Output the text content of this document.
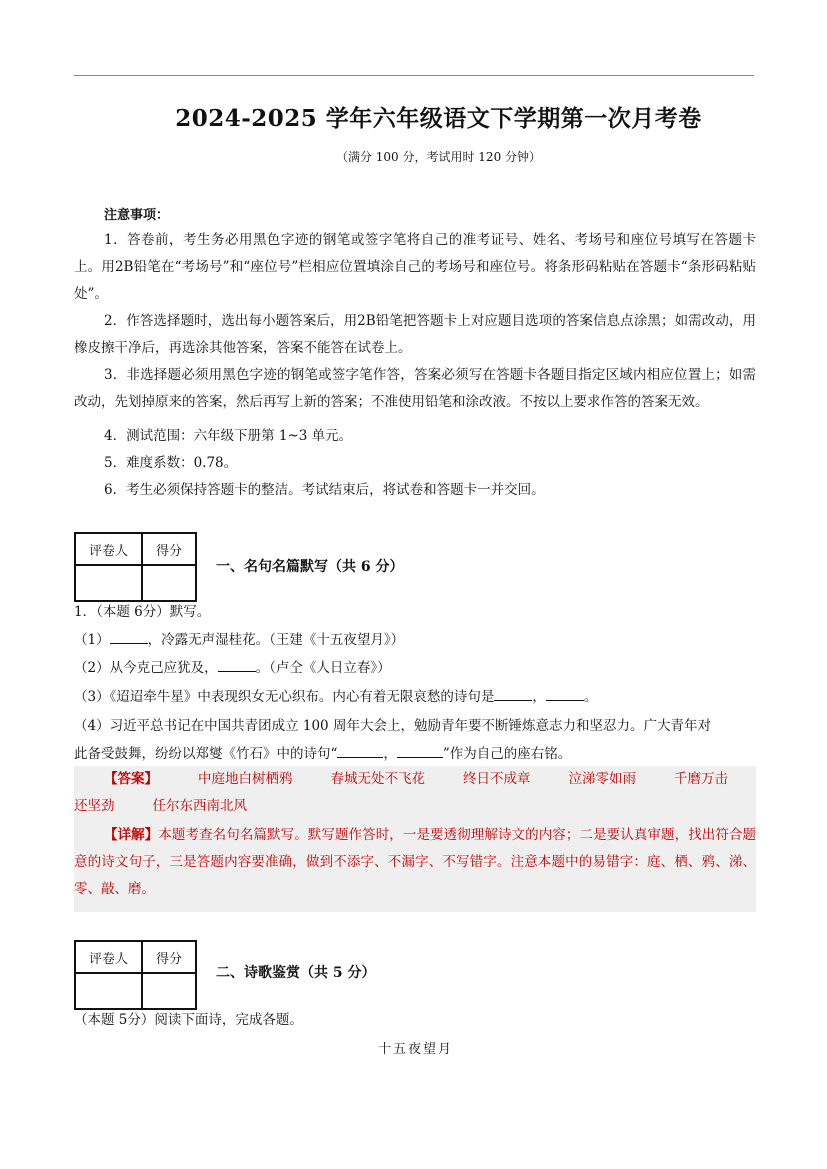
2024-2025 学年六年级语文下学期第一次月考卷
（满分 100 分，考试用时 120 分钟）
注意事项：

1．答卷前，考生务必用黑色字迹的钢笔或签字笔将自己的准考证号、姓名、考场号和座位号填写在答题卡上。用2B铅笔在“考场号”和“座位号”栏相应位置填涂自己的考场号和座位号。将条形码粘贴在答题卡“条形码粘贴处”。

2．作答选择题时，选出每小题答案后，用2B铅笔把答题卡上对应题目选项的答案信息点涂黑；如需改动，用橡皮擦干净后，再选涂其他答案，答案不能答在试卷上。

3．非选择题必须用黑色字迹的钢笔或签字笔作答，答案必须写在答题卡各题目指定区域内相应位置上；如需改动，先划掉原来的答案，然后再写上新的答案；不准使用铅笔和涂改液。不按以上要求作答的答案无效。

4．测试范围：六年级下册第 1~3 单元。
5．难度系数：0.78。
6．考生必须保持答题卡的整洁。考试结束后，将试卷和答题卡一并交回。
评卷人	得分

一、名句名篇默写（共 6 分）
1．（本题 6分）默写。
（1）	，冷露无声湿桂花。（王建《十五夜望月》）
（2）从今克己应犹及，	。（卢仝《人日立春》）
（3）《迢迢牵牛星》中表现织女无心织布。内心有着无限哀愁的诗句是	，	。
（4）习近平总书记在中国共青团成立 100 周年大会上，勉励青年要不断锤炼意志力和坚忍力。广大青年对
此备受鼓舞，纷纷以郑燮《竹石》中的诗句“	，	”作为自己的座右铭。
【答案】	中庭地白树栖鸦	春城无处不飞花	终日不成章	泣涕零如雨	千磨万击
还坚劲	任尔东西南北风

【详解】本题考查名句名篇默写。默写题作答时，一是要透彻理解诗文的内容；二是要认真审题，找出符合题意的诗文句子，三是答题内容要准确，做到不添字、不漏字、不写错字。注意本题中的易错字：庭、栖、鸦、涕、零、敲、磨。

评卷人	得分

二、诗歌鉴赏（共 5 分）
（本题 5分）阅读下面诗，完成各题。
十五夜望月
